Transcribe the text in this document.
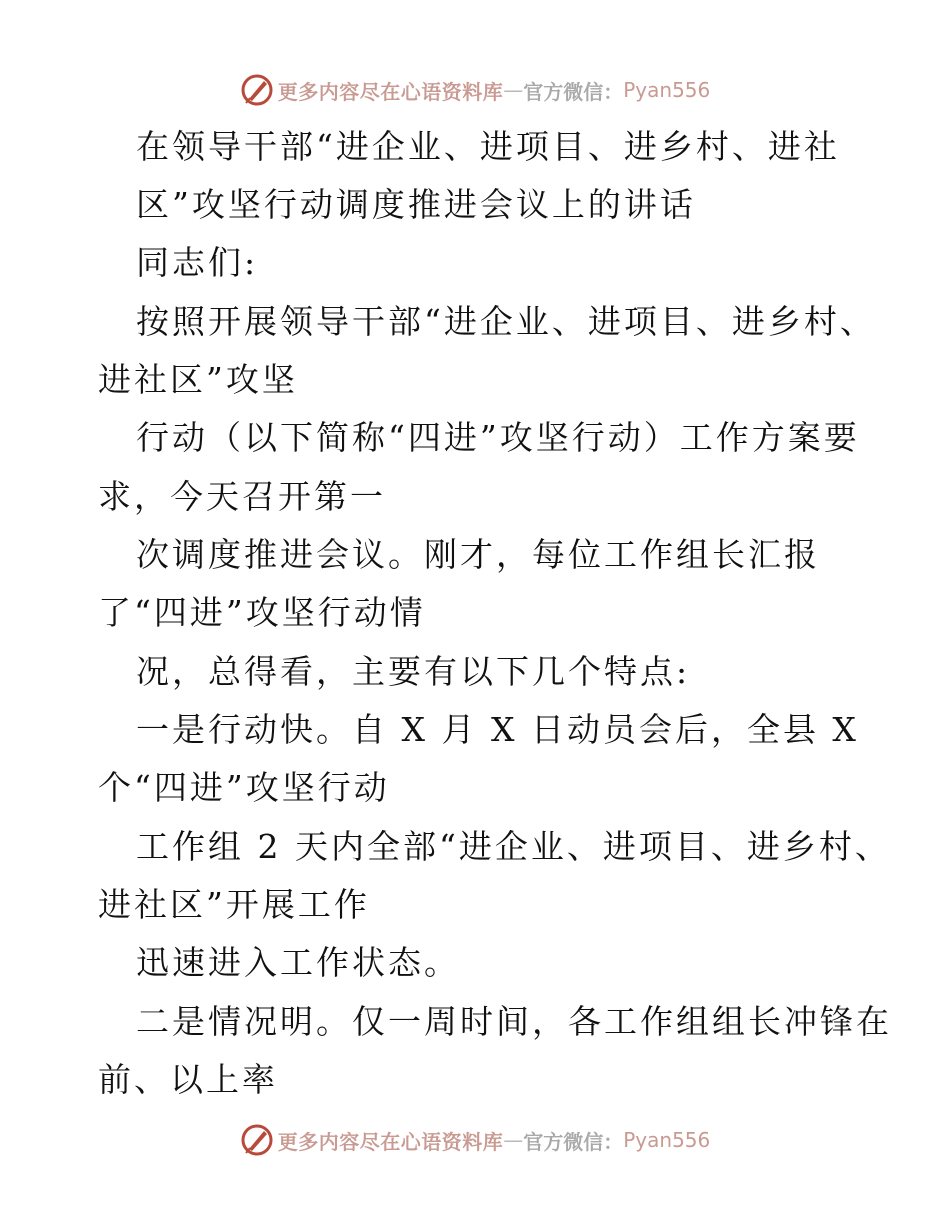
更多内容尽在心语资料库 — 官方微信： Pyan556
在领导干部“进企业、进项目、进乡村、进社
区”攻坚行动调度推进会议上的讲话
同志们:
按照开展领导干部“进企业、进项目、进乡村、
进社区”攻坚
行动（以下简称“四进”攻坚行动）工作方案要
求，今天召开第一
次调度推进会议。刚才，每位工作组长汇报
了“四进”攻坚行动情
况，总得看，主要有以下几个特点:
一是行动快。自 X 月 X 日动员会后，全县 X
个“四进”攻坚行动
工作组 2 天内全部“进企业、进项目、进乡村、
进社区”开展工作
迅速进入工作状态。
二是情况明。仅一周时间，各工作组组长冲锋在
前、以上率
更多内容尽在心语资料库 — 官方微信： Pyan556
